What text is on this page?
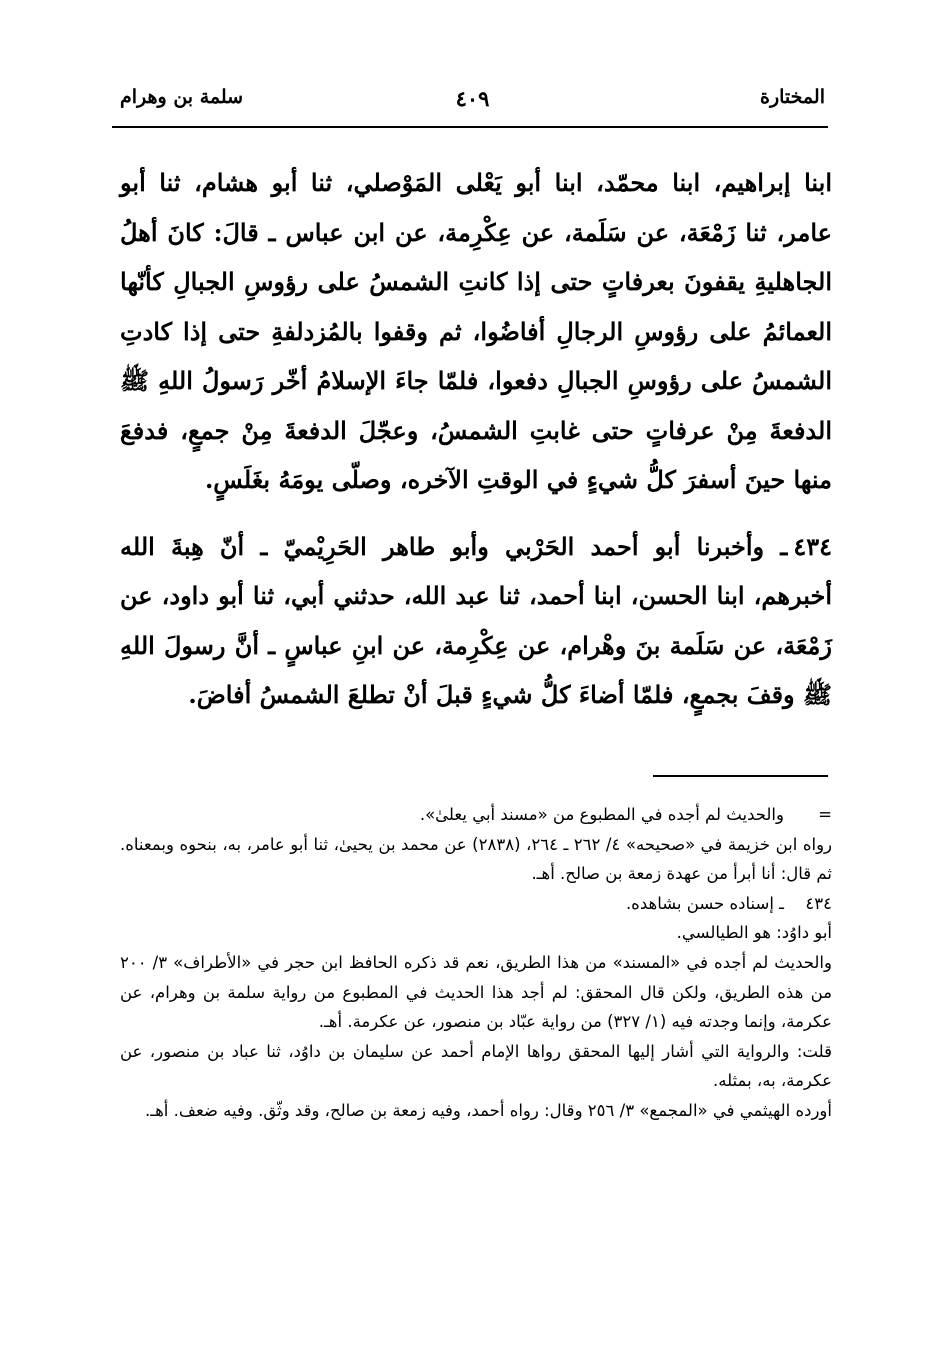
المختارة
٤٠٩
سلمة بن وهرام

ابنا إبراهيم، ابنا محمّد، ابنا أبو يَعْلى المَوْصلي، ثنا أبو هشام، ثنا أبو عامر، ثنا زَمْعَة، عن سَلَمة، عن عِكْرِمة، عن ابن عباس ـ قالَ: كانَ أهلُ الجاهليةِ يقفونَ بعرفاتٍ حتى إذا كانتِ الشمسُ على رؤوسِ الجبالِ كأنّها العمائمُ على رؤوسِ الرجالِ أفاضُوا، ثم وقفوا بالمُزدلفةِ حتى إذا كادتِ الشمسُ على رؤوسِ الجبالِ دفعوا، فلمّا جاءَ الإسلامُ أخّر رَسولُ اللهِ ﷺ الدفعةَ مِنْ عرفاتٍ حتى غابتِ الشمسُ، وعجّلَ الدفعةَ مِنْ جمعٍ، فدفعَ منها حينَ أسفرَ كلُّ شيءٍ في الوقتِ الآخره، وصلّى يومَهُ بغَلَسٍ.

٤٣٤ـ وأخبرنا أبو أحمد الحَرْبي وأبو طاهر الحَرِيْميّ ـ أنّ هِبةَ الله أخبرهم، ابنا الحسن، ابنا أحمد، ثنا عبد الله، حدثني أبي، ثنا أبو داود، عن زَمْعَة، عن سَلَمة بنَ وهْرام، عن عِكْرِمة، عن ابنِ عباسٍ ـ أنَّ رسولَ اللهِ ﷺ وقفَ بجمعٍ، فلمّا أضاءَ كلُّ شيءٍ قبلَ أنْ تطلعَ الشمسُ أفاضَ.

=
والحديث لم أجده في المطبوع من «مسند أبي يعلىٰ».

رواه ابن خزيمة في «صحيحه» ٤/ ٢٦٢ ـ ٢٦٤، (٢٨٣٨) عن محمد بن يحيىٰ، ثنا أبو عامر، به، بنحوه وبمعناه. ثم قال: أنا أبرأ من عهدة زمعة بن صالح. أهـ.

٤٣٤
ـ إسناده حسن بشاهده.

أبو داوُد: هو الطيالسي.

والحديث لم أجده في «المسند» من هذا الطريق، نعم قد ذكره الحافظ ابن حجر في «الأطراف» ٣/ ٢٠٠ من هذه الطريق، ولكن قال المحقق: لم أجد هذا الحديث في المطبوع من رواية سلمة بن وهرام، عن عكرمة، وإنما وجدته فيه (١/ ٣٢٧) من رواية عبّاد بن منصور، عن عكرمة. أهـ.

قلت: والرواية التي أشار إليها المحقق رواها الإمام أحمد عن سليمان بن داوُد، ثنا عباد بن منصور، عن عكرمة، به، بمثله.

أورده الهيثمي في «المجمع» ٣/ ٢٥٦ وقال: رواه أحمد، وفيه زمعة بن صالح، وقد وثّق. وفيه ضعف. أهـ.
